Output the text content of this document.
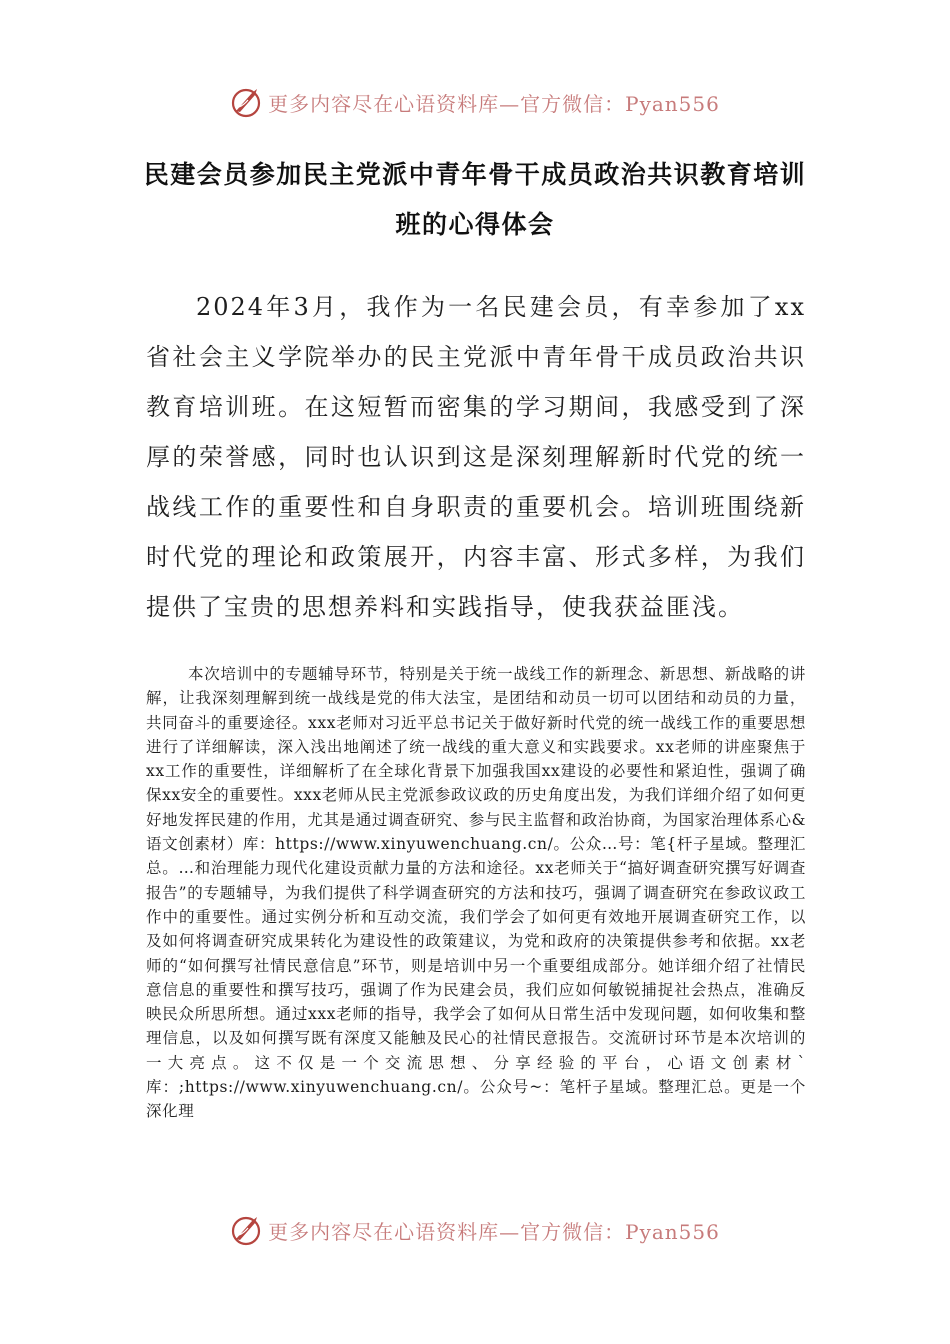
更多内容尽在心语资料库—官方微信：Pyan556
民建会员参加民主党派中青年骨干成员政治共识教育培训
班的心得体会

2024年3月，我作为一名民建会员，有幸参加了xx省社会主义学院举办的民主党派中青年骨干成员政治共识教育培训班。在这短暂而密集的学习期间，我感受到了深厚的荣誉感，同时也认识到这是深刻理解新时代党的统一战线工作的重要性和自身职责的重要机会。培训班围绕新时代党的理论和政策展开，内容丰富、形式多样，为我们提供了宝贵的思想养料和实践指导，使我获益匪浅。

本次培训中的专题辅导环节，特别是关于统一战线工作的新理念、新思想、新战略的讲解，让我深刻理解到统一战线是党的伟大法宝，是团结和动员一切可以团结和动员的力量，共同奋斗的重要途径。xxx老师对习近平总书记关于做好新时代党的统一战线工作的重要思想进行了详细解读，深入浅出地阐述了统一战线的重大意义和实践要求。xx老师的讲座聚焦于xx工作的重要性，详细解析了在全球化背景下加强我国xx建设的必要性和紧迫性，强调了确保xx安全的重要性。xxx老师从民主党派参政议政的历史角度出发，为我们详细介绍了如何更好地发挥民建的作用，尤其是通过调查研究、参与民主监督和政治协商，为国家治理体系心&语文创素材）库：https://www.xinyuwenchuang.cn/。公众…号：笔{杆子星域。整理汇总。…和治理能力现代化建设贡献力量的方法和途径。xx老师关于“搞好调查研究撰写好调查报告”的专题辅导，为我们提供了科学调查研究的方法和技巧，强调了调查研究在参政议政工作中的重要性。通过实例分析和互动交流，我们学会了如何更有效地开展调查研究工作，以及如何将调查研究成果转化为建设性的政策建议，为党和政府的决策提供参考和依据。xx老师的“如何撰写社情民意信息”环节，则是培训中另一个重要组成部分。她详细介绍了社情民意信息的重要性和撰写技巧，强调了作为民建会员，我们应如何敏锐捕捉社会热点，准确反映民众所思所想。通过xxx老师的指导，我学会了如何从日常生活中发现问题，如何收集和整理信息，以及如何撰写既有深度又能触及民心的社情民意报告。交流研讨环节是本次培训的一大亮点。这不仅是一个交流思想、分享经验的平台，心语文创素材`库：;https://www.xinyuwenchuang.cn/。公众号~：笔杆子星域。整理汇总。更是一个深化理

更多内容尽在心语资料库—官方微信：Pyan556
